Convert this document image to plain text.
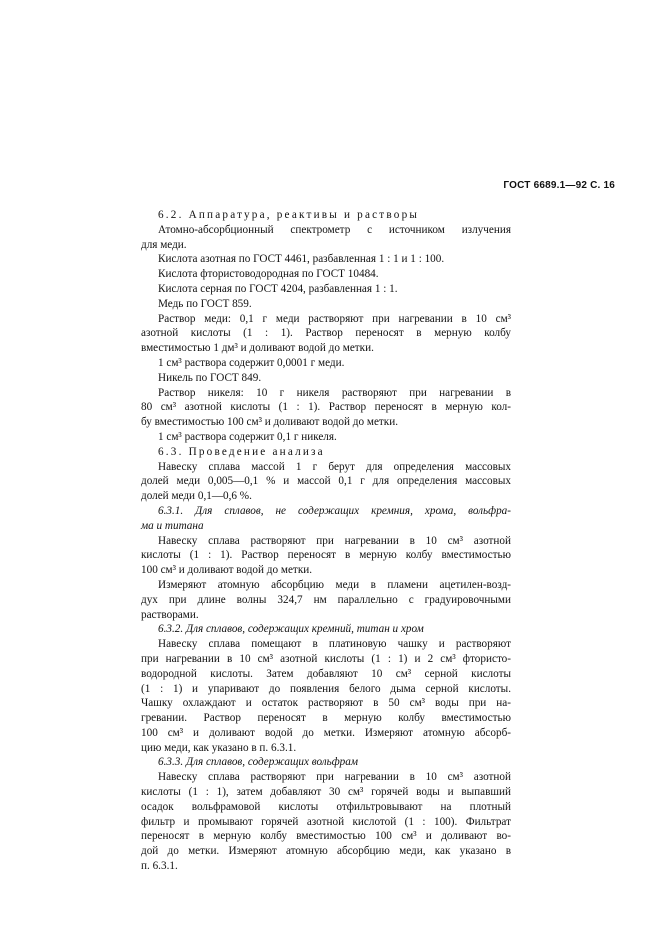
ГОСТ 6689.1—92 С. 16
6.2. Аппаратура, реактивы и растворы
Атомно-абсорбционный спектрометр с источником излучения
для меди.
Кислота азотная по ГОСТ 4461, разбавленная 1 : 1 и 1 : 100.
Кислота фтористоводородная по ГОСТ 10484.
Кислота серная по ГОСТ 4204, разбавленная 1 : 1.
Медь по ГОСТ 859.
Раствор меди: 0,1 г меди растворяют при нагревании в 10 см³
азотной кислоты (1 : 1). Раствор переносят в мерную колбу
вместимостью 1 дм³ и доливают водой до метки.
1 см³ раствора содержит 0,0001 г меди.
Никель по ГОСТ 849.
Раствор никеля: 10 г никеля растворяют при нагревании в
80 см³ азотной кислоты (1 : 1). Раствор переносят в мерную кол-
бу вместимостью 100 см³ и доливают водой до метки.
1 см³ раствора содержит 0,1 г никеля.
6.3. Проведение анализа
Навеску сплава массой 1 г берут для определения массовых
долей меди 0,005—0,1 % и массой 0,1 г для определения массовых
долей меди 0,1—0,6 %.
6.3.1. Для сплавов, не содержащих кремния, хрома, вольфра-
ма и титана
Навеску сплава растворяют при нагревании в 10 см³ азотной
кислоты (1 : 1). Раствор переносят в мерную колбу вместимостью
100 см³ и доливают водой до метки.
Измеряют атомную абсорбцию меди в пламени ацетилен-возд-
дух при длине волны 324,7 нм параллельно с градуировочными
растворами.
6.3.2. Для сплавов, содержащих кремний, титан и хром
Навеску сплава помещают в платиновую чашку и растворяют
при нагревании в 10 см³ азотной кислоты (1 : 1) и 2 см³ фтористо-
водородной кислоты. Затем добавляют 10 см³ серной кислоты
(1 : 1) и упаривают до появления белого дыма серной кислоты.
Чашку охлаждают и остаток растворяют в 50 см³ воды при на-
гревании. Раствор переносят в мерную колбу вместимостью
100 см³ и доливают водой до метки. Измеряют атомную абсорб-
цию меди, как указано в п. 6.3.1.
6.3.3. Для сплавов, содержащих вольфрам
Навеску сплава растворяют при нагревании в 10 см³ азотной
кислоты (1 : 1), затем добавляют 30 см³ горячей воды и выпавший
осадок вольфрамовой кислоты отфильтровывают на плотный
фильтр и промывают горячей азотной кислотой (1 : 100). Фильтрат
переносят в мерную колбу вместимостью 100 см³ и доливают во-
дой до метки. Измеряют атомную абсорбцию меди, как указано в
п. 6.3.1.
